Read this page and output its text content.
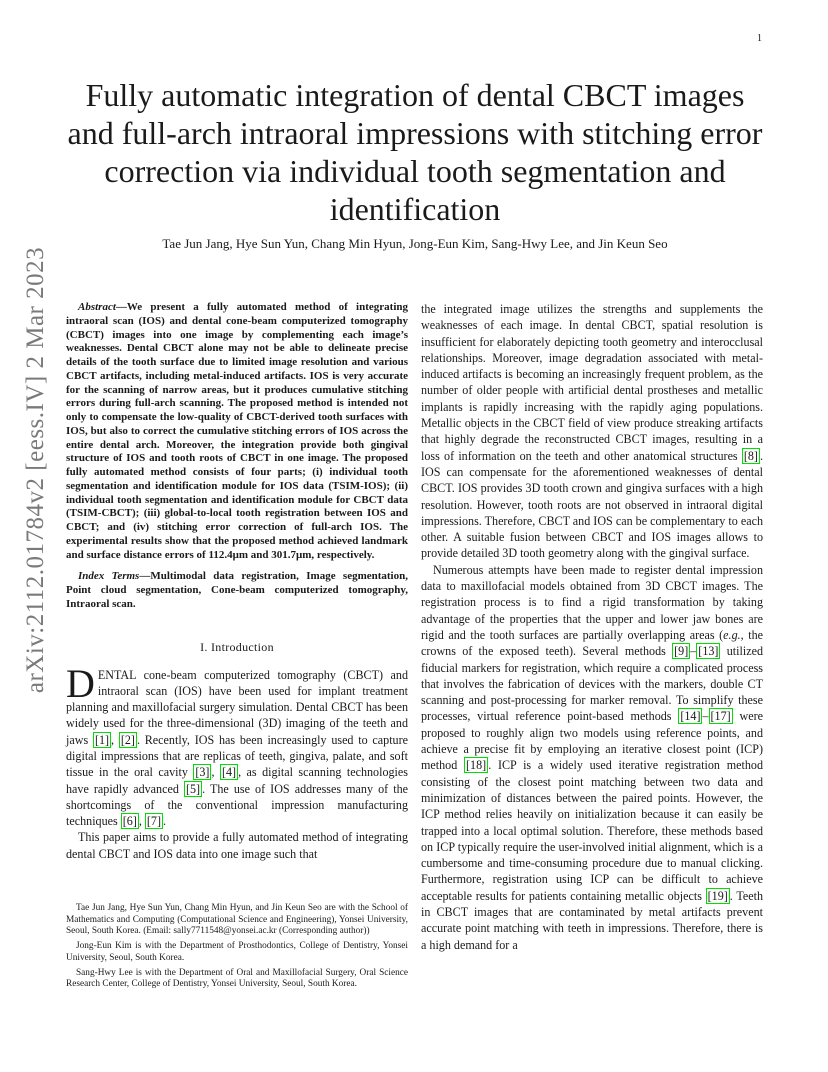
1
arXiv:2112.01784v2 [eess.IV] 2 Mar 2023
Fully automatic integration of dental CBCT images and full-arch intraoral impressions with stitching error correction via individual tooth segmentation and identification
Tae Jun Jang, Hye Sun Yun, Chang Min Hyun, Jong-Eun Kim, Sang-Hwy Lee, and Jin Keun Seo

Abstract—We present a fully automated method of integrating intraoral scan (IOS) and dental cone-beam computerized tomography (CBCT) images into one image by complementing each image’s weaknesses. Dental CBCT alone may not be able to delineate precise details of the tooth surface due to limited image resolution and various CBCT artifacts, including metal-induced artifacts. IOS is very accurate for the scanning of narrow areas, but it produces cumulative stitching errors during full-arch scanning. The proposed method is intended not only to compensate the low-quality of CBCT-derived tooth surfaces with IOS, but also to correct the cumulative stitching errors of IOS across the entire dental arch. Moreover, the integration provide both gingival structure of IOS and tooth roots of CBCT in one image. The proposed fully automated method consists of four parts; (i) individual tooth segmentation and identification module for IOS data (TSIM-IOS); (ii) individual tooth segmentation and identification module for CBCT data (TSIM-CBCT); (iii) global-to-local tooth registration between IOS and CBCT; and (iv) stitching error correction of full-arch IOS. The experimental results show that the proposed method achieved landmark and surface distance errors of 112.4μm and 301.7μm, respectively.

Index Terms—Multimodal data registration, Image segmentation, Point cloud segmentation, Cone-beam computerized tomography, Intraoral scan.

I. Introduction

DENTAL cone-beam computerized tomography (CBCT) and intraoral scan (IOS) have been used for implant treatment planning and maxillofacial surgery simulation. Dental CBCT has been widely used for the three-dimensional (3D) imaging of the teeth and jaws [1] , [2] . Recently, IOS has been increasingly used to capture digital impressions that are replicas of teeth, gingiva, palate, and soft tissue in the oral cavity [3] , [4] , as digital scanning technologies have rapidly advanced [5] . The use of IOS addresses many of the shortcomings of the conventional impression manufacturing techniques [6] , [7] .

This paper aims to provide a fully automated method of integrating dental CBCT and IOS data into one image such that

Tae Jun Jang, Hye Sun Yun, Chang Min Hyun, and Jin Keun Seo are with the School of Mathematics and Computing (Computational Science and Engineering), Yonsei University, Seoul, South Korea. (Email: sally7711548@yonsei.ac.kr (Corresponding author))

Jong-Eun Kim is with the Department of Prosthodontics, College of Dentistry, Yonsei University, Seoul, South Korea.

Sang-Hwy Lee is with the Department of Oral and Maxillofacial Surgery, Oral Science Research Center, College of Dentistry, Yonsei University, Seoul, South Korea.

the integrated image utilizes the strengths and supplements the weaknesses of each image. In dental CBCT, spatial resolution is insufficient for elaborately depicting tooth geometry and interocclusal relationships. Moreover, image degradation associated with metal-induced artifacts is becoming an increasingly frequent problem, as the number of older people with artificial dental prostheses and metallic implants is rapidly increasing with the rapidly aging populations. Metallic objects in the CBCT field of view produce streaking artifacts that highly degrade the reconstructed CBCT images, resulting in a loss of information on the teeth and other anatomical structures [8] . IOS can compensate for the aforementioned weaknesses of dental CBCT. IOS provides 3D tooth crown and gingiva surfaces with a high resolution. However, tooth roots are not observed in intraoral digital impressions. Therefore, CBCT and IOS can be complementary to each other. A suitable fusion between CBCT and IOS images allows to provide detailed 3D tooth geometry along with the gingival surface.

Numerous attempts have been made to register dental impression data to maxillofacial models obtained from 3D CBCT images. The registration process is to find a rigid transformation by taking advantage of the properties that the upper and lower jaw bones are rigid and the tooth surfaces are partially overlapping areas (e.g., the crowns of the exposed teeth). Several methods [9] – [13] utilized fiducial markers for registration, which require a complicated process that involves the fabrication of devices with the markers, double CT scanning and post-processing for marker removal. To simplify these processes, virtual reference point-based methods [14] – [17] were proposed to roughly align two models using reference points, and achieve a precise fit by employing an iterative closest point (ICP) method [18] . ICP is a widely used iterative registration method consisting of the closest point matching between two data and minimization of distances between the paired points. However, the ICP method relies heavily on initialization because it can easily be trapped into a local optimal solution. Therefore, these methods based on ICP typically require the user-involved initial alignment, which is a cumbersome and time-consuming procedure due to manual clicking. Furthermore, registration using ICP can be difficult to achieve acceptable results for patients containing metallic objects [19] . Teeth in CBCT images that are contaminated by metal artifacts prevent accurate point matching with teeth in impressions. Therefore, there is a high demand for a
